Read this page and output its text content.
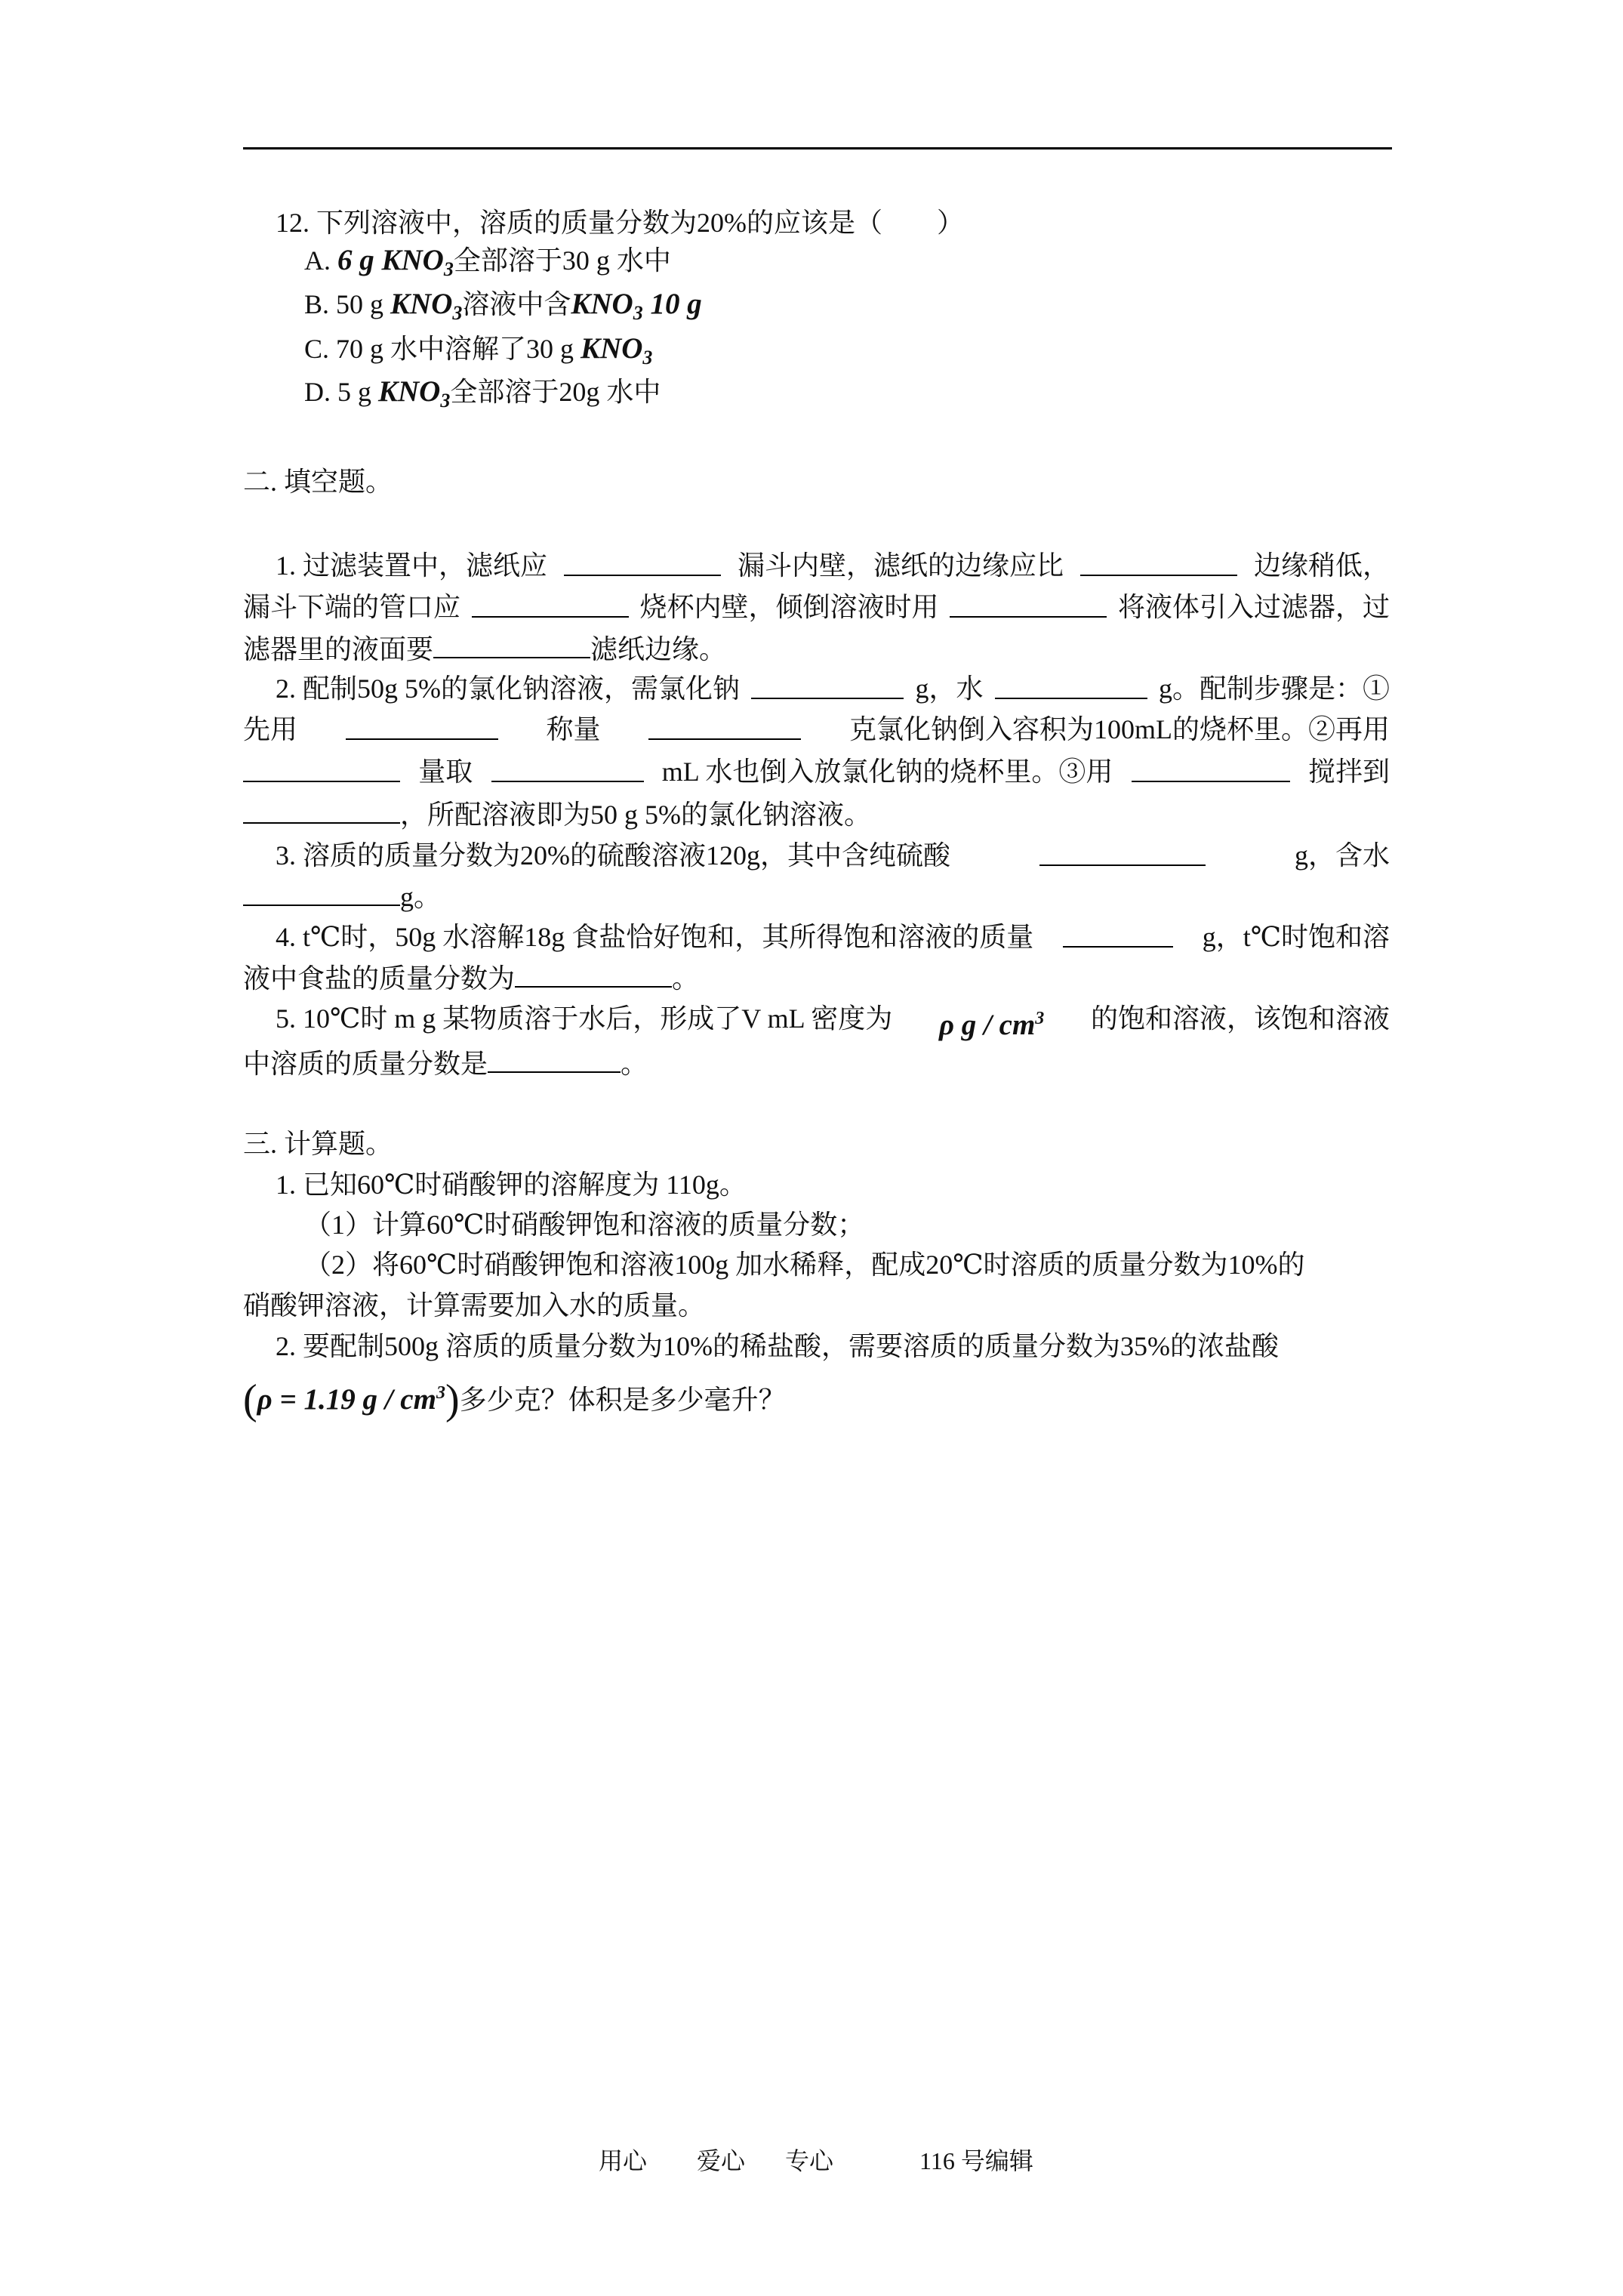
12. 下列溶液中，溶质的质量分数为20%的应该是（　　）
A. 6 g $KNO_3$全部溶于30 g 水中
B. 50 g $KNO_3$溶液中含$KNO_3$ 10 g
C. 70 g 水中溶解了30 g $KNO_3$
D. 5 g $KNO_3$全部溶于20g 水中
二. 填空题。
1. 过滤装置中，滤纸应	漏斗内壁，滤纸的边缘应比	边缘稍低，
漏斗下端的管口应	烧杯内壁，倾倒溶液时用	将液体引入过滤器，过
滤器里的液面要	滤纸边缘。
2. 配制50g 5%的氯化钠溶液，需氯化钠	g，水	g。配制步骤是：①
先用	称量	克氯化钠倒入容积为100mL的烧杯里。②再用
量取	mL 水也倒入放氯化钠的烧杯里。③用	搅拌到
，所配溶液即为50 g 5%的氯化钠溶液。
3. 溶质的质量分数为20%的硫酸溶液120g，其中含纯硫酸	g，含水
g。
4. t℃时，50g 水溶解18g 食盐恰好饱和，其所得饱和溶液的质量	g，t℃时饱和溶
液中食盐的质量分数为	。
5. 10℃时 m g 某物质溶于水后，形成了V mL 密度为 ρ g / $cm^3$ 的饱和溶液，该饱和溶液
中溶质的质量分数是	。
三. 计算题。
1. 已知60℃时硝酸钾的溶解度为 110g。
（1）计算60℃时硝酸钾饱和溶液的质量分数；
（2）将60℃时硝酸钾饱和溶液100g 加水稀释，配成20℃时溶质的质量分数为10%的
硝酸钾溶液，计算需要加入水的质量。
2. 要配制500g 溶质的质量分数为10%的稀盐酸，需要溶质的质量分数为35%的浓盐酸
(ρ = 1.19 g / $cm^3$)多少克？体积是多少毫升？
用心 爱心 专心	116 号编辑
